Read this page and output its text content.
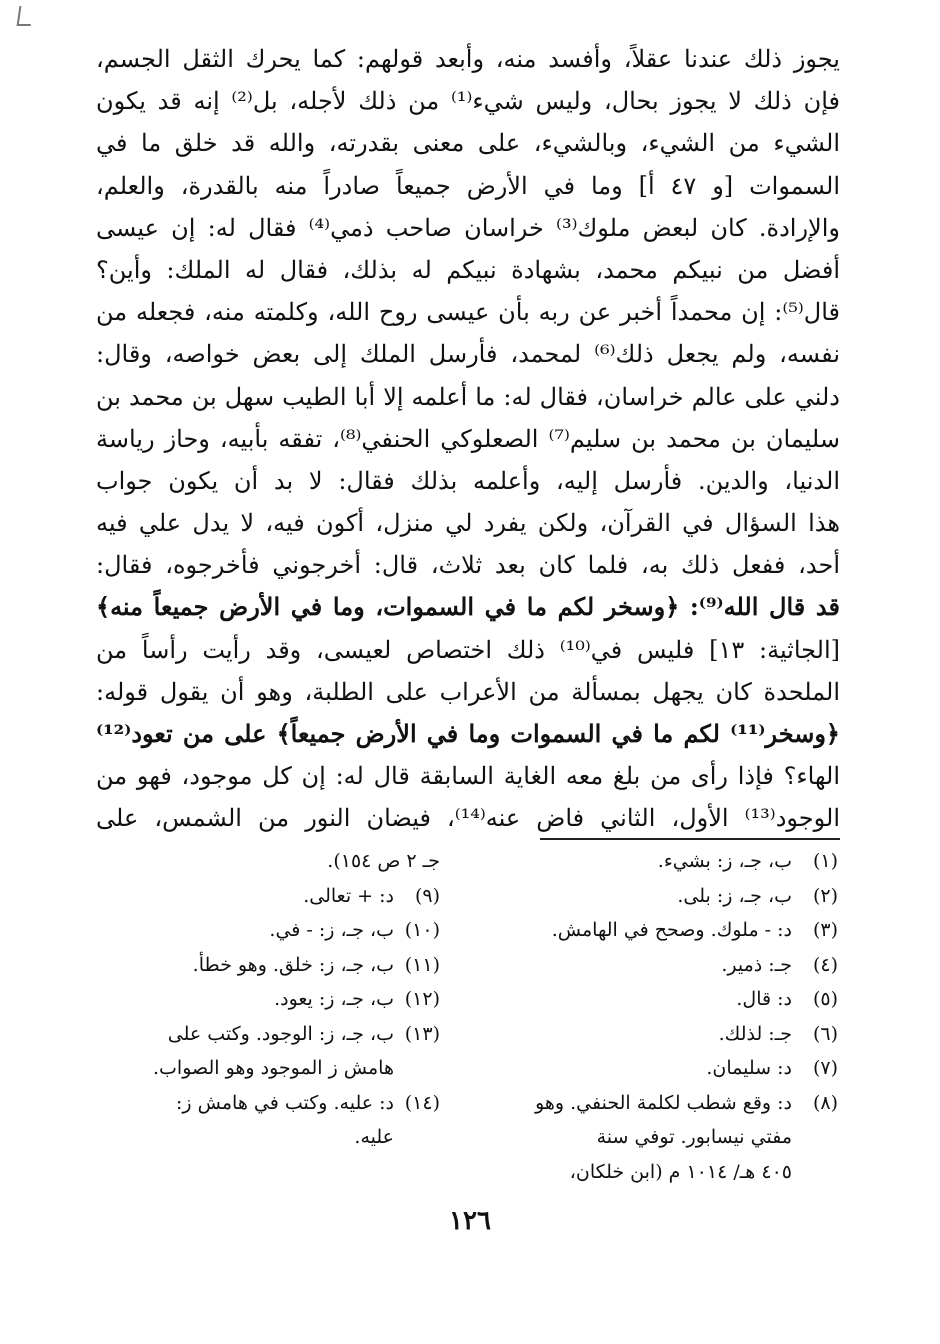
يجوز ذلك عندنا عقلاً، وأفسد منه، وأبعد قولهم: كما يحرك الثقل الجسم،
فإن ذلك لا يجوز بحال، وليس شيء⁽¹⁾ من ذلك لأجله، بل⁽²⁾ إنه قد يكون
الشيء من الشيء، وبالشيء، على معنى بقدرته، والله قد خلق ما في
السموات [و ٤٧ أ] وما في الأرض جميعاً صادراً منه بالقدرة، والعلم،
والإرادة. كان لبعض ملوك⁽³⁾ خراسان صاحب ذمي⁽⁴⁾ فقال له: إن عيسى
أفضل من نبيكم محمد، بشهادة نبيكم له بذلك، فقال له الملك: وأين؟
قال⁽⁵⁾: إن محمداً أخبر عن ربه بأن عيسى روح الله، وكلمته منه، فجعله من
نفسه، ولم يجعل ذلك⁽⁶⁾ لمحمد، فأرسل الملك إلى بعض خواصه، وقال:
دلني على عالم خراسان، فقال له: ما أعلمه إلا أبا الطيب سهل بن محمد بن
سليمان بن محمد بن سليم⁽⁷⁾ الصعلوكي الحنفي⁽⁸⁾، تفقه بأبيه، وحاز رياسة
الدنيا، والدين. فأرسل إليه، وأعلمه بذلك فقال: لا بد أن يكون جواب
هذا السؤال في القرآن، ولكن يفرد لي منزل، أكون فيه، لا يدل علي فيه
أحد، ففعل ذلك به، فلما كان بعد ثلاث، قال: أخرجوني فأخرجوه، فقال:
قد قال الله⁽⁹⁾: ﴿وسخر لكم ما في السموات، وما في الأرض جميعاً منه﴾
[الجاثية: ١٣] فليس في⁽¹⁰⁾ ذلك اختصاص لعيسى، وقد رأيت رأساً من
الملحدة كان يجهل بمسألة من الأعراب على الطلبة، وهو أن يقول قوله:
﴿وسخر⁽¹¹⁾ لكم ما في السموات وما في الأرض جميعاً﴾ على من تعود⁽¹²⁾
الهاء؟ فإذا رأى من بلغ معه الغاية السابقة قال له: إن كل موجود، فهو من
الوجود⁽¹³⁾ الأول، الثاني فاض عنه⁽¹⁴⁾، فيضان النور من الشمس، على
(١)ب، جـ، ز: بشيء.
(٢)ب، جـ، ز: بلى.
(٣)د: - ملوك. وصحح في الهامش.
(٤)جـ: ذمير.
(٥)د: قال.
(٦)جـ: لذلك.
(٧)د: سليمان.
(٨)د: وقع شطب لكلمة الحنفي. وهو
مفتي نيسابور. توفي سنة
٤٠٥ هـ/ ١٠١٤ م (ابن خلكان،
جـ ٢ ص ١٥٤).
(٩)د: + تعالى.
(١٠)ب، جـ، ز: - في.
(١١)ب، جـ، ز: خلق. وهو خطأ.
(١٢)ب، جـ، ز: يعود.
(١٣)ب، جـ، ز: الوجود. وكتب على
هامش ز الموجود وهو الصواب.
(١٤)د: عليه. وكتب في هامش ز:
عليه.
١٢٦
